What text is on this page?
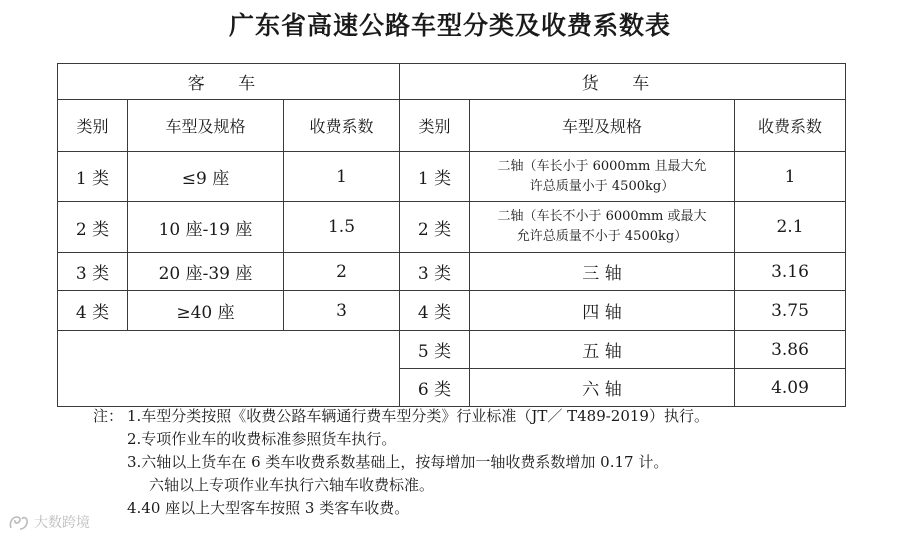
广东省高速公路车型分类及收费系数表
客 车			货 车		
类别	车型及规格	收费系数	类别	车型及规格	收费系数
1 类	≤9 座	1	1 类	二轴（车长小于 6000mm 且最大允
许总质量小于 4500kg）	1
2 类	10 座-19 座	1.5	2 类	二轴（车长不小于 6000mm 或最大
允许总质量不小于 4500kg）	2.1
3 类	20 座-39 座	2	3 类	三 轴	3.16
4 类	≥40 座	3	4 类	四 轴	3.75
			5 类	五 轴	3.86
			6 类	六 轴	4.09
注： 1.车型分类按照《收费公路车辆通行费车型分类》行业标准（JT／ T489-2019）执行。
2.专项作业车的收费标准参照货车执行。
3.六轴以上货车在 6 类车收费系数基础上，按每增加一轴收费系数增加 0.17 计。
六轴以上专项作业车执行六轴车收费标准。
4.40 座以上大型客车按照 3 类客车收费。
大数跨境
